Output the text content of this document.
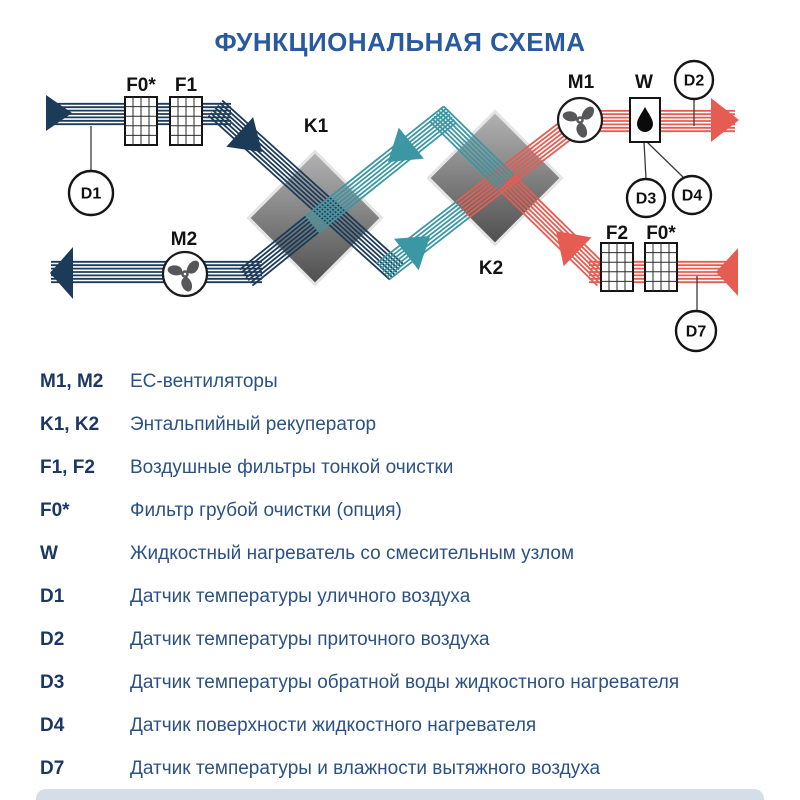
ФУНКЦИОНАЛЬНАЯ СХЕМА
D1
D2
D3 D4
D7
F0* F1
K1
M1 W
M2
K2
F2 F0*
M1, M2	EC-вентиляторы
K1, K2	Энтальпийный рекуператор
F1, F2	Воздушные фильтры тонкой очистки
F0*	Фильтр грубой очистки (опция)
W	Жидкостный нагреватель со смесительным узлом
D1	Датчик температуры уличного воздуха
D2	Датчик температуры приточного воздуха
D3	Датчик температуры обратной воды жидкостного нагревателя
D4	Датчик поверхности жидкостного нагревателя
D7	Датчик температуры и влажности вытяжного воздуха
